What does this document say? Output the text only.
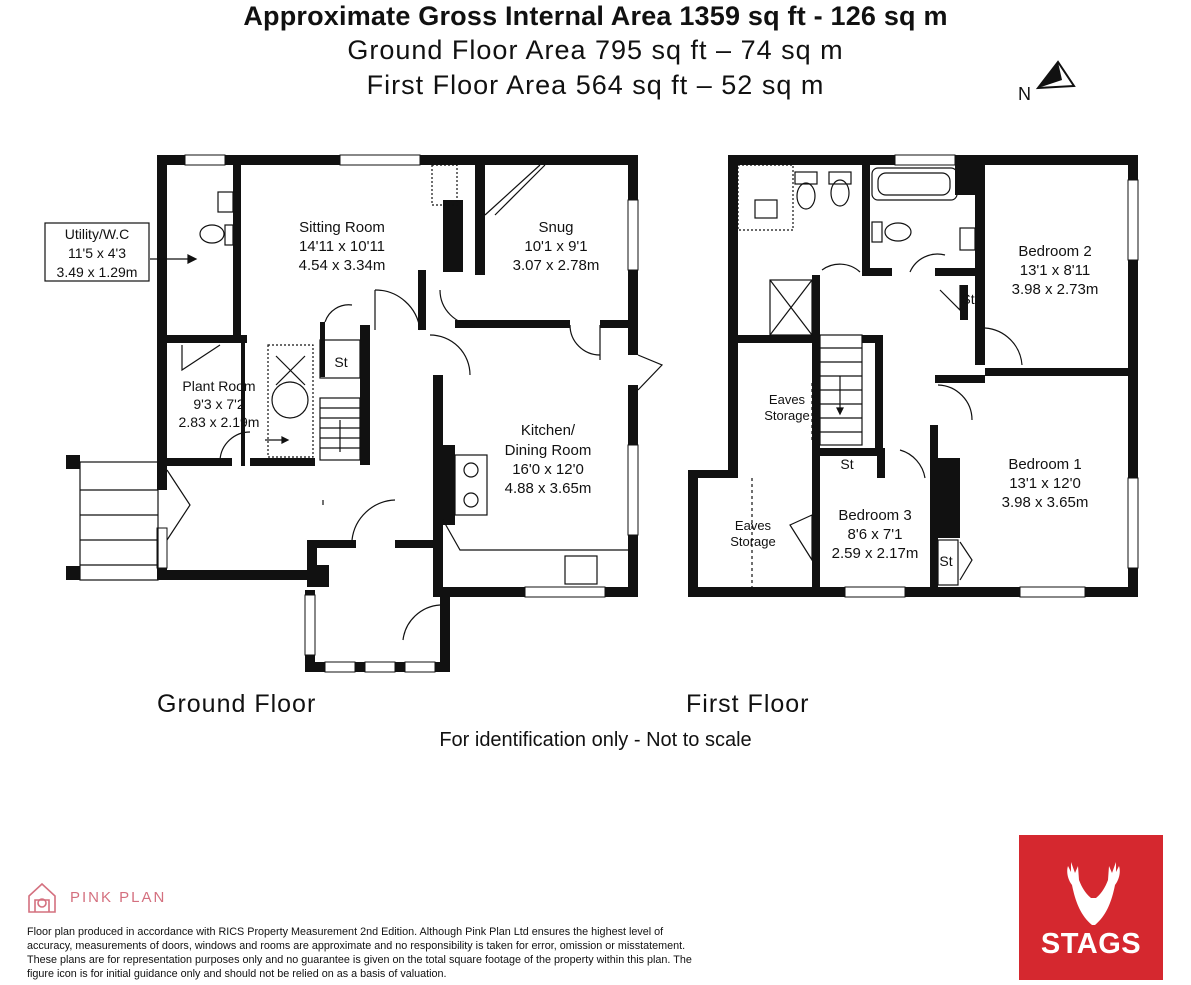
Approximate Gross Internal Area 1359 sq ft - 126 sq m
Ground Floor Area 795 sq ft – 74 sq m
First Floor Area 564 sq ft – 52 sq m	N
Utility/W.C
11'5 x 4'3
3.49 x 1.29m
Sitting Room
14'11 x 10'11
4.54 x 3.34m
Snug
10'1 x 9'1
3.07 x 2.78m
Plant Room
9'3 x 7'2
2.83 x 2.19m
St
Kitchen/
Dining Room
16'0 x 12'0
4.88 x 3.65m
Bedroom 2
13'1 x 8'11
3.98 x 2.73m
Bedroom 1
13'1 x 12'0
3.98 x 3.65m
Bedroom 3
8'6 x 7'1
2.59 x 2.17m
Eaves
Storage
Eaves
Storage
St
St
St
Ground Floor	First Floor
For identification only - Not to scale
PINK PLAN
Floor plan produced in accordance with RICS Property Measurement 2nd Edition. Although Pink Plan Ltd ensures the highest level of accuracy, measurements of doors, windows and rooms are approximate and no responsibility is taken for error, omission or misstatement. These plans are for representation purposes only and no guarantee is given on the total square footage of the property within this plan. The figure icon is for initial guidance only and should not be relied on as a basis of valuation.
STAGS
